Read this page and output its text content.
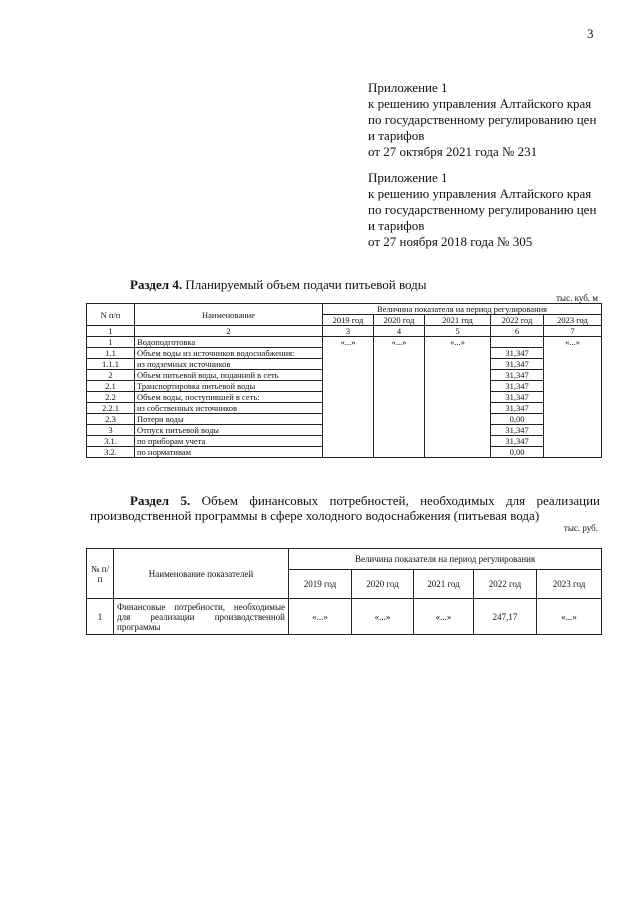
3
Приложение 1
к решению управления Алтайского края
по государственному регулированию цен
и тарифов
от 27 октября 2021 года № 231
Приложение 1
к решению управления Алтайского края
по государственному регулированию цен
и тарифов
от 27 ноября 2018 года № 305
Раздел 4. Планируемый объем подачи питьевой воды
тыс. куб. м
N п/п	Наименование	Величина показателя на период регулирования				
		2019 год	2020 год	2021 год	2022 год	2023 год
1	2	3	4	5	6	7
1	Водоподготовка	«...»	«...»	«...»		«...»
1.1	Объем воды из источников водоснабжения:				31,347	
1.1.1	из подземных источников				31,347	
2	Объем питьевой воды, поданной в сеть				31,347	
2.1	Транспортировка питьевой воды				31,347	
2.2	Объем воды, поступившей в сеть:				31,347	
2.2.1	из собственных источников				31,347	
2.3	Потери воды				0,00	
3	Отпуск питьевой воды				31,347	
3.1.	по приборам учета				31,347	
3.2.	по нормативам				0,00	
Раздел 5. Объем финансовых потребностей, необходимых для реализации производственной программы в сфере холодного водоснабжения (питьевая вода)
тыс. руб.
№ п/п	Наименование показателей	Величина показателя на период регулирования				
		2019 год	2020 год	2021 год	2022 год	2023 год
1	Финансовые потребности, необходимые для реализации производственной программы	«...»	«...»	«...»	247,17	«...»
